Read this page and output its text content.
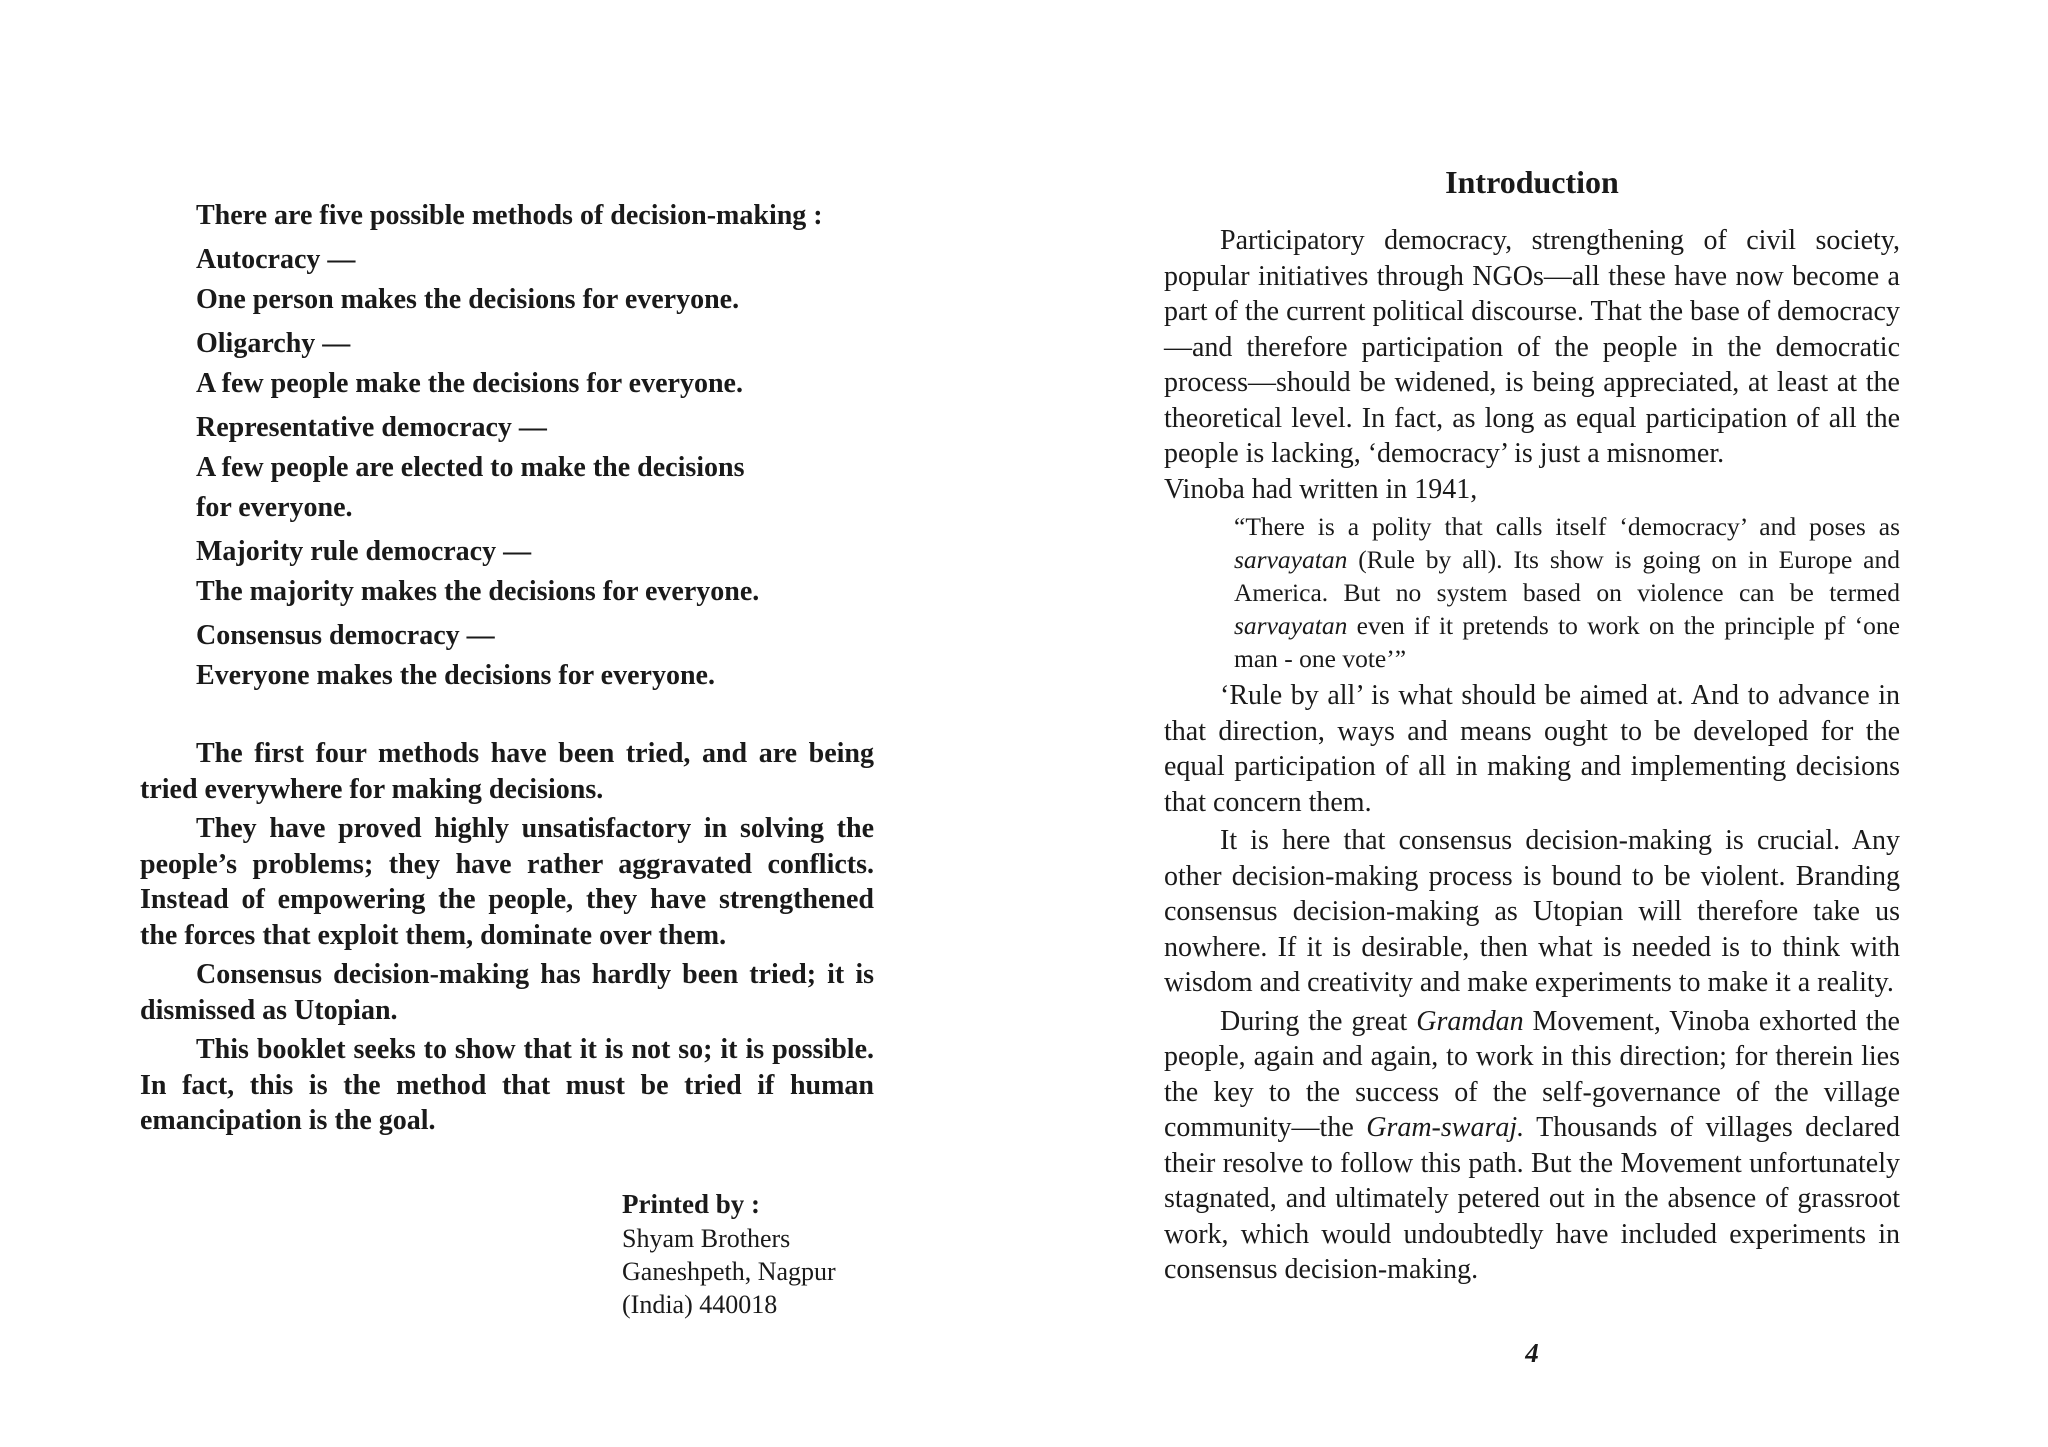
There are five possible methods of decision-making :
Autocracy —
One person makes the decisions for everyone.
Oligarchy —
A few people make the decisions for everyone.
Representative democracy —
A few people are elected to make the decisions
for everyone.
Majority rule democracy —
The majority makes the decisions for everyone.
Consensus democracy —
Everyone makes the decisions for everyone.

The first four methods have been tried, and are being tried everywhere for making decisions.

They have proved highly unsatisfactory in solving the people’s problems; they have rather aggravated conflicts. Instead of empowering the people, they have strengthened the forces that exploit them, dominate over them.

Consensus decision-making has hardly been tried; it is dismissed as Utopian.

This booklet seeks to show that it is not so; it is possible. In fact, this is the method that must be tried if human emancipation is the goal.

Printed by :
Shyam Brothers
Ganeshpeth, Nagpur
(India) 440018
Introduction

Participatory democracy, strengthening of civil society, popular initiatives through NGOs—all these have now become a part of the current political discourse. That the base of democracy—and therefore participation of the people in the democratic process—should be widened, is being appreciated, at least at the theoretical level. In fact, as long as equal participation of all the people is lacking, ‘democracy’ is just a misnomer.

Vinoba had written in 1941,

“There is a polity that calls itself ‘democracy’ and poses as sarvayatan (Rule by all). Its show is going on in Europe and America. But no system based on violence can be termed sarvayatan even if it pretends to work on the principle pf ‘one man - one vote’”

‘Rule by all’ is what should be aimed at. And to advance in that direction, ways and means ought to be developed for the equal participation of all in making and implementing decisions that concern them.

It is here that consensus decision-making is crucial. Any other decision-making process is bound to be violent. Branding consensus decision-making as Utopian will therefore take us nowhere. If it is desirable, then what is needed is to think with wisdom and creativity and make experiments to make it a reality.

During the great Gramdan Movement, Vinoba exhorted the people, again and again, to work in this direction; for therein lies the key to the success of the self-governance of the village community—the Gram-swaraj. Thousands of villages declared their resolve to follow this path. But the Movement unfortunately stagnated, and ultimately petered out in the absence of grassroot work, which would undoubtedly have included experiments in consensus decision-making.

4
